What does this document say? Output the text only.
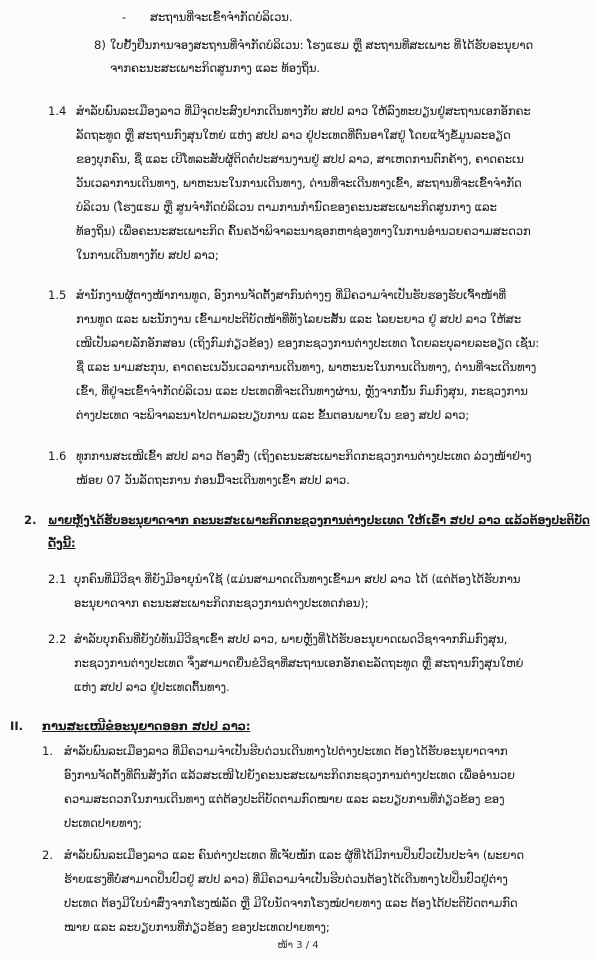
- ສະຖານທີ່ຈະເຂົ້າຈຳກັດບໍລິເວນ.
8) ໃບຢັ້ງຢືນການຈອງສະຖານທີ່ຈຳກັດບໍລິເວນ: ໂຮງແຮມ ຫຼື ສະຖານທີ່ສະເພາະ ທີ່ໄດ້ຮັບອະນຸຍາດ
ຈາກຄະນະສະເພາະກິດສູນກາງ ແລະ ທ້ອງຖິ່ນ.
1.4 ສຳລັບພົນລະເມືອງລາວ ທີ່ມີຈຸດປະສົງຢາກເດີນທາງກັບ ສປປ ລາວ ໃຫ້ລົງທະບຽນຢູ່ສະຖານເອກອັກຄະ
ລັດຖະທູດ ຫຼື ສະຖານກົງສຸນໃຫຍ່ ແຫ່ງ ສປປ ລາວ ຢູ່ປະເທດທີ່ຕົນອາໃສຢູ່ ໂດຍແຈ້ງຂໍ້ມູນລະອຽດ
ຂອງບຸກຄົນ, ຊື່ ແລະ ເບີໂທລະສັບຜູ້ຕິດຕໍ່ປະສານງານຢູ່ ສປປ ລາວ, ສາເຫດການຕົກຄ້າງ, ຄາດຄະເນ
ວັນເວລາການເດີນທາງ, ພາຫະນະໃນການເດີນທາງ, ດ່ານທີ່ຈະເດີນທາງເຂົ້າ, ສະຖານທີ່ຈະເຂົ້າຈຳກັດ
ບໍລິເວນ (ໂຮງແຮມ ຫຼື ສູນຈຳກັດບໍລິເວນ ຕາມການກຳນົດຂອງຄະນະສະເພາະກິດສູນກາງ ແລະ
ທ້ອງຖິ່ນ) ເພື່ອຄະນະສະເພາະກິດ ຄົ້ນຄວ້າພິຈາລະນາຊອກຫາຊ່ອງທາງໃນການອຳນວຍຄວາມສະດວກ
ໃນການເດີນທາງກັບ ສປປ ລາວ;
1.5 ສຳນັກງານຜູ້ຕາງໜ້າການທູດ, ອົງການຈັດຕັ້ງສາກົນຕ່າງໆ ທີ່ມີຄວາມຈຳເປັນຮັບຮອງຮັບເຈົ້າໜ້າທີ່
ການທູດ ແລະ ພະນັກງານ ເຂົ້າມາປະຕິບັດໜ້າທີ່ທັງໄລຍະສັ້ນ ແລະ ໄລຍະຍາວ ຢູ່ ສປປ ລາວ ໃຫ້ສະ
ເໜີເປັນລາຍລັກອັກສອນ (ເຖິງກົມກ່ຽວຂ້ອງ) ຂອງກະຊວງການຕ່າງປະເທດ ໂດຍລະບຸລາຍລະອຽດ ເຊັ່ນ:
ຊື່ ແລະ ນາມສະກຸນ, ຄາດຄະເນວັນເວລາການເດີນທາງ, ພາຫະນະໃນການເດີນທາງ, ດ່ານທີ່ຈະເດີນທາງ
ເຂົ້າ, ທີ່ຢູ່ຈະເຂົ້າຈຳກັດບໍລິເວນ ແລະ ປະເທດທີ່ຈະເດີນທາງຜ່ານ, ຫຼັງຈາກນັ້ນ ກົມກົງສຸນ, ກະຊວງການ
ຕ່າງປະເທດ ຈະພິຈາລະນາໄປຕາມລະບຽບການ ແລະ ຂັ້ນຕອນພາຍໃນ ຂອງ ສປປ ລາວ;
1.6 ທຸກການສະເໜີເຂົ້າ ສປປ ລາວ ຕ້ອງສົ່ງ (ເຖິງຄະນະສະເພາະກິດກະຊວງການຕ່າງປະເທດ ລ່ວງໜ້າຢ່າງ
ໜ້ອຍ 07 ວັນລັດຖະການ ກ່ອນມື້ຈະເດີນທາງເຂົ້າ ສປປ ລາວ.
2. ພາຍຫຼັງໄດ້ຮັບອະນຸຍາດຈາກ ຄະນະສະເພາະກິດກະຊວງການຕ່າງປະເທດ ໃຫ້ເຂົ້າ ສປປ ລາວ ແລ້ວຕ້ອງປະຕິບັດ
ດັ່ງນີ້:
2.1 ບຸກຄົນທີ່ມີວີຊາ ທີ່ຍັງມີອາຍຸນຳໃຊ້ (ແມ່ນສາມາດເດີນທາງເຂົ້າມາ ສປປ ລາວ ໄດ້ (ແຕ່ຕ້ອງໄດ້ຮັບການ
ອະນຸຍາດຈາກ ຄະນະສະເພາະກິດກະຊວງການຕ່າງປະເທດກ່ອນ);
2.2 ສຳລັບບຸກຄົນທີ່ຍັງບໍ່ທັນມີວີຊາເຂົ້າ ສປປ ລາວ, ພາຍຫຼັງທີ່ໄດ້ຮັບອະນຸຍາດເພດວີຊາຈາກກົມກົງສຸນ,
ກະຊວງການຕ່າງປະເທດ ຈຶ່ງສາມາດຍື່ນຂໍວີຊາທີ່ສະຖານເອກອັກຄະລັດຖະທູດ ຫຼື ສະຖານກົງສຸນໃຫຍ່
ແຫ່ງ ສປປ ລາວ ຢູ່ປະເທດຕົ້ນທາງ.
II. ການສະເໜີຂໍອະນຸຍາດອອກ ສປປ ລາວ:
1. ສຳລັບພົນລະເມືອງລາວ ທີ່ມີຄວາມຈຳເປັນຮີບດ່ວນເດີນທາງໄປຕ່າງປະເທດ ຕ້ອງໄດ້ຮັບອະນຸຍາດຈາກ
ອົງການຈັດຕັ້ງທີ່ຕົນສັງກັດ ແລ້ວສະເໜີໄປຍັງຄະນະສະເພາະກິດກະຊວງການຕ່າງປະເທດ ເພື່ອອຳນວຍ
ຄວາມສະດວກໃນການເດີນທາງ ແຕ່ຕ້ອງປະຕິບັດຕາມກົດໝາຍ ແລະ ລະບຽບການທີ່ກ່ຽວຂ້ອງ ຂອງ
ປະເທດປາຍທາງ;
2. ສຳລັບພົນລະເມືອງລາວ ແລະ ຄົນຕ່າງປະເທດ ທີ່ເຈັບໜັກ ແລະ ຜູ້ທີ່ໄດ້ມີການປິ່ນປົວເປັນປະຈຳ (ພະຍາດ
ຮ້າຍແຮງທີ່ບໍ່ສາມາດປິ່ນປົວຢູ່ ສປປ ລາວ) ທີ່ມີຄວາມຈຳເປັນຮີບດ່ວນຕ້ອງໄດ້ເດີນທາງໄປປິ່ນປົວຢູ່ຕ່າງ
ປະເທດ ຕ້ອງມີໃບນຳສົ່ງຈາກໂຮງໝໍລັດ ຫຼື ມີໃບນັດຈາກໂຮງໝໍປາຍທາງ ແລະ ຕ້ອງໄດ້ປະຕິບັດຕາມກົດ
ໝາຍ ແລະ ລະບຽບການທີ່ກ່ຽວຂ້ອງ ຂອງປະເທດປາຍທາງ;
ໜ້າ 3 / 4
